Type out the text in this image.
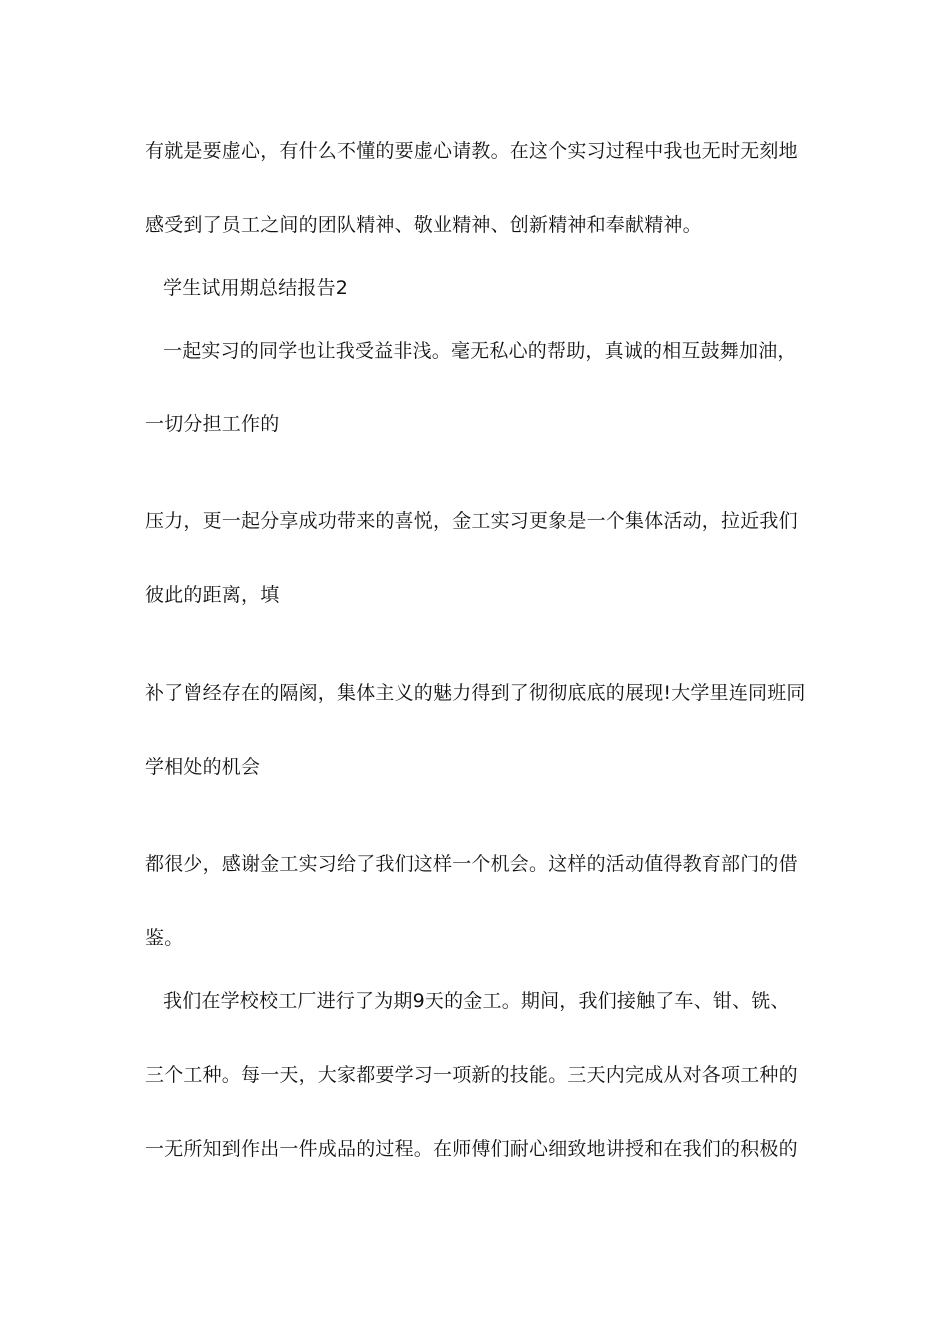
有就是要虚心，有什么不懂的要虚心请教。在这个实习过程中我也无时无刻地
感受到了员工之间的团队精神、敬业精神、创新精神和奉献精神。
学生试用期总结报告2
一起实习的同学也让我受益非浅。毫无私心的帮助，真诚的相互鼓舞加油，
一切分担工作的
压力，更一起分享成功带来的喜悦，金工实习更象是一个集体活动，拉近我们
彼此的距离，填
补了曾经存在的隔阂，集体主义的魅力得到了彻彻底底的展现!大学里连同班同
学相处的机会
都很少，感谢金工实习给了我们这样一个机会。这样的活动值得教育部门的借
鉴。
我们在学校校工厂进行了为期9天的金工。期间，我们接触了车、钳、铣、
三个工种。每一天，大家都要学习一项新的技能。三天内完成从对各项工种的
一无所知到作出一件成品的过程。在师傅们耐心细致地讲授和在我们的积极的
